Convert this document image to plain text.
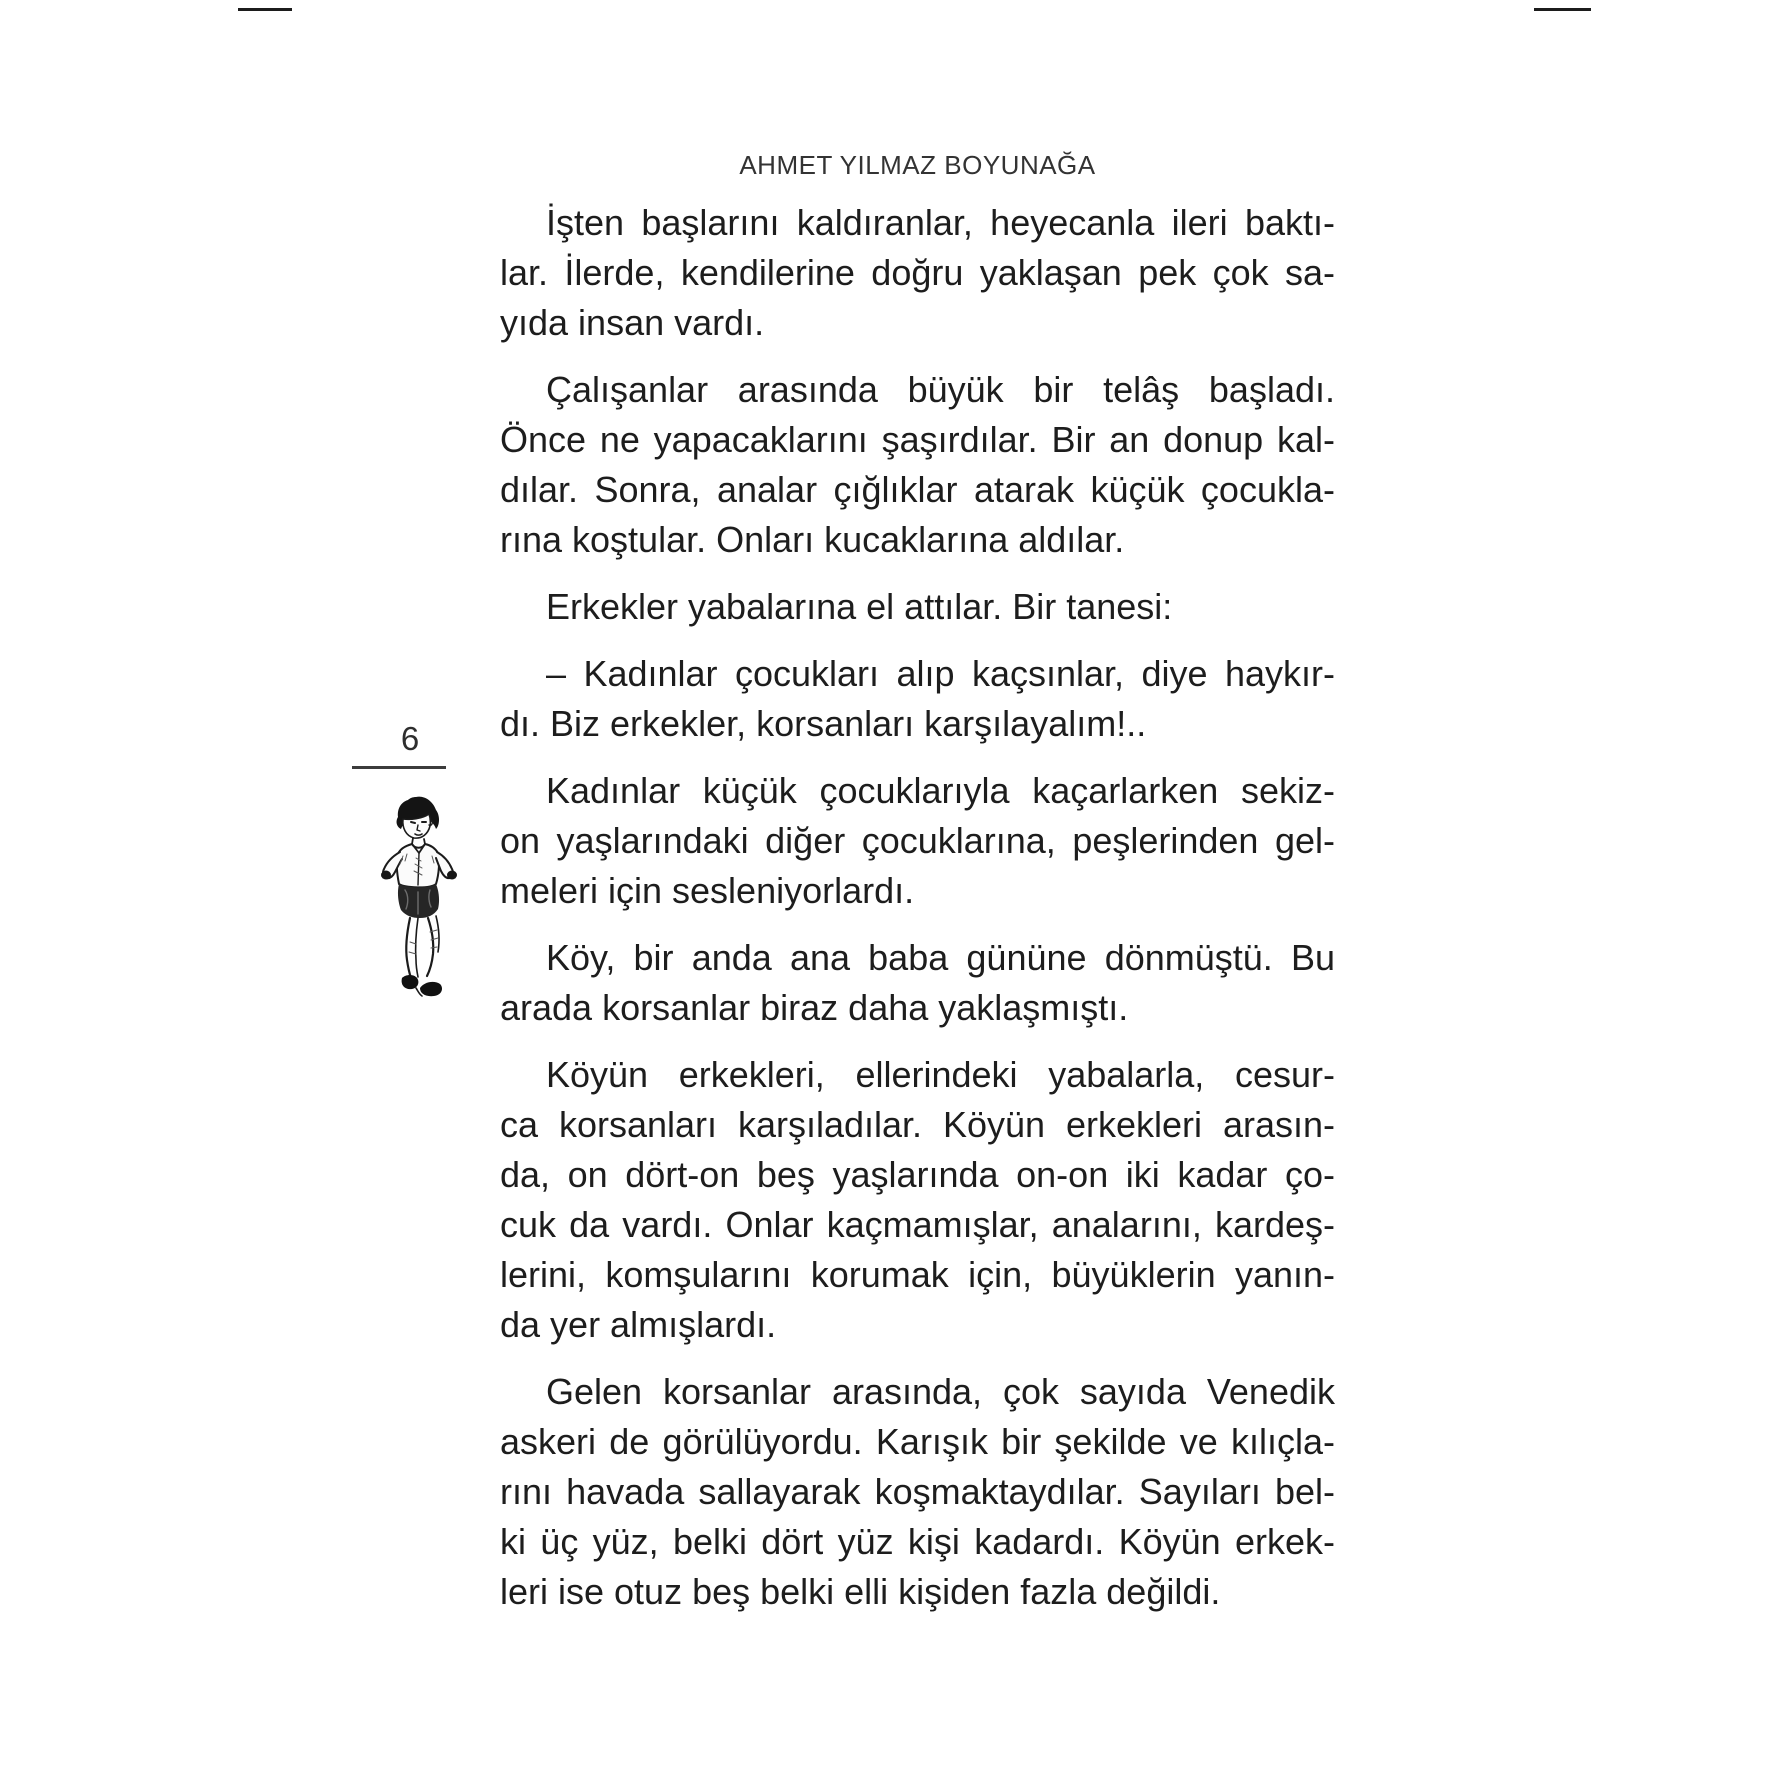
AHMET YILMAZ BOYUNAĞA
6
İşten başlarını kaldıranlar, heyecanla ileri baktı-
lar. İlerde, kendilerine doğru yaklaşan pek çok sa-
yıda insan vardı.
Çalışanlar arasında büyük bir telâş başladı.
Önce ne yapacaklarını şaşırdılar. Bir an donup kal-
dılar. Sonra, analar çığlıklar atarak küçük çocukla-
rına koştular. Onları kucaklarına aldılar.
Erkekler yabalarına el attılar. Bir tanesi:
– Kadınlar çocukları alıp kaçsınlar, diye haykır-
dı. Biz erkekler, korsanları karşılayalım!..
Kadınlar küçük çocuklarıyla kaçarlarken sekiz-
on yaşlarındaki diğer çocuklarına, peşlerinden gel-
meleri için sesleniyorlardı.
Köy, bir anda ana baba gününe dönmüştü. Bu
arada korsanlar biraz daha yaklaşmıştı.
Köyün erkekleri, ellerindeki yabalarla, cesur-
ca korsanları karşıladılar. Köyün erkekleri arasın-
da, on dört-on beş yaşlarında on-on iki kadar ço-
cuk da vardı. Onlar kaçmamışlar, analarını, kardeş-
lerini, komşularını korumak için, büyüklerin yanın-
da yer almışlardı.
Gelen korsanlar arasında, çok sayıda Venedik
askeri de görülüyordu. Karışık bir şekilde ve kılıçla-
rını havada sallayarak koşmaktaydılar. Sayıları bel-
ki üç yüz, belki dört yüz kişi kadardı. Köyün erkek-
leri ise otuz beş belki elli kişiden fazla değildi.
